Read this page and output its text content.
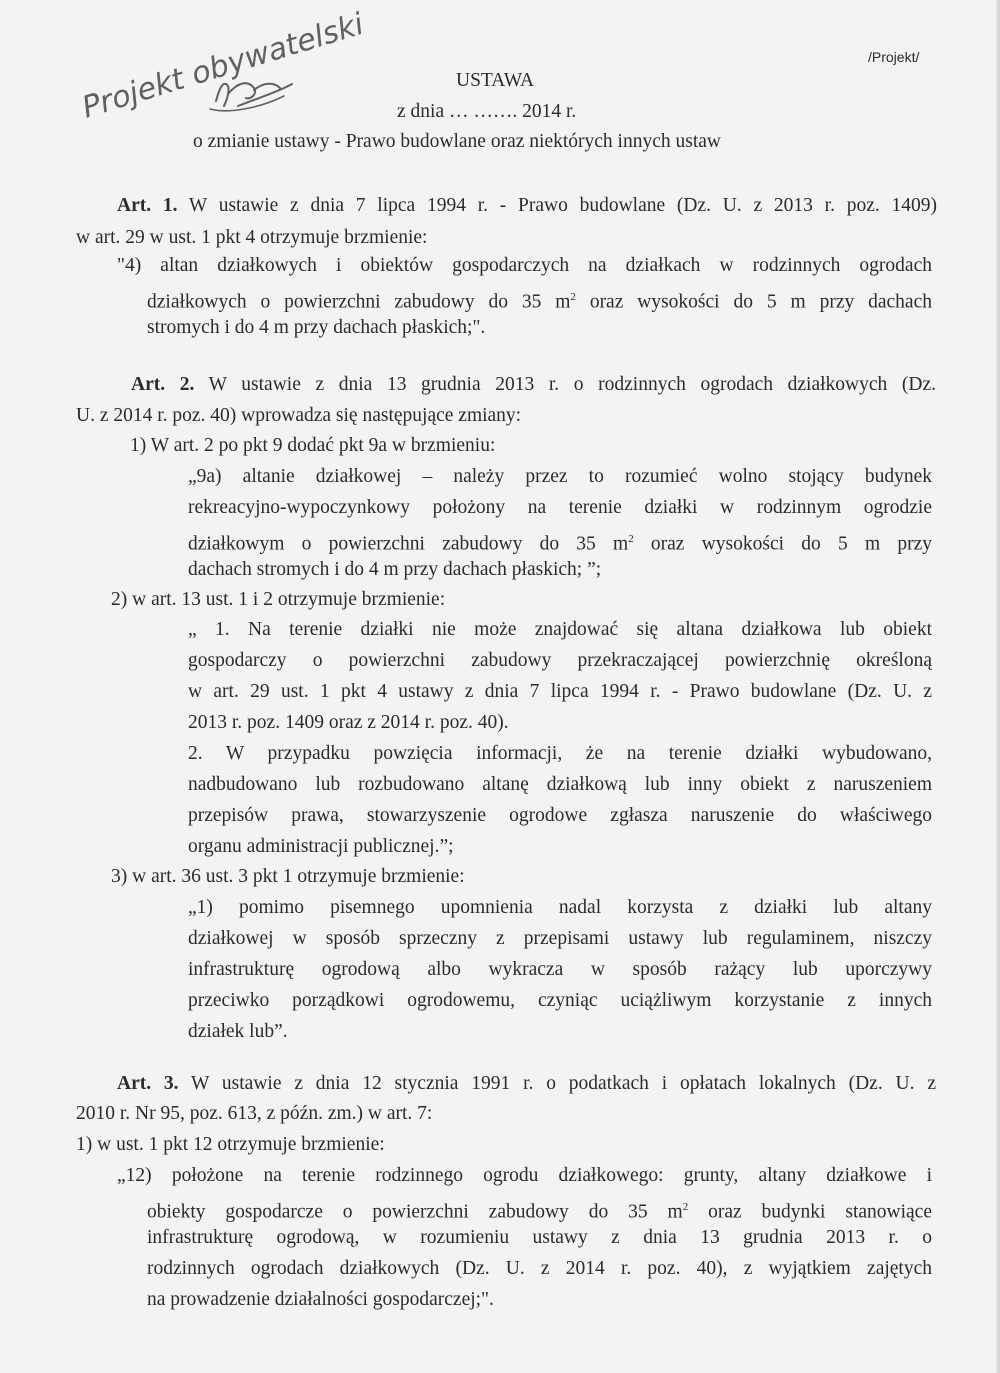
Projekt obywatelski	/Projekt/
USTAWA
z dnia … ……. 2014 r.
o zmianie ustawy - Prawo budowlane oraz niektórych innych ustaw
Art. 1. W ustawie z dnia 7 lipca 1994 r. - Prawo budowlane (Dz. U. z 2013 r. poz. 1409)
w art. 29 w ust. 1 pkt 4 otrzymuje brzmienie:
"4) altan działkowych i obiektów gospodarczych na działkach w rodzinnych ogrodach
działkowych o powierzchni zabudowy do 35 $m^2$ oraz wysokości do 5 m przy dachach
stromych i do 4 m przy dachach płaskich;".
Art. 2. W ustawie z dnia 13 grudnia 2013 r. o rodzinnych ogrodach działkowych (Dz.
U. z 2014 r. poz. 40) wprowadza się następujące zmiany:
1) W art. 2 po pkt 9 dodać pkt 9a w brzmieniu:
„9a) altanie działkowej – należy przez to rozumieć wolno stojący budynek
rekreacyjno-wypoczynkowy położony na terenie działki w rodzinnym ogrodzie
działkowym o powierzchni zabudowy do 35 $m^2$ oraz wysokości do 5 m przy
dachach stromych i do 4 m przy dachach płaskich; ”;
2) w art. 13 ust. 1 i 2 otrzymuje brzmienie:
„ 1. Na terenie działki nie może znajdować się altana działkowa lub obiekt
gospodarczy o powierzchni zabudowy przekraczającej powierzchnię określoną
w art. 29 ust. 1 pkt 4 ustawy z dnia 7 lipca 1994 r. - Prawo budowlane (Dz. U. z
2013 r. poz. 1409 oraz z 2014 r. poz. 40).
2. W przypadku powzięcia informacji, że na terenie działki wybudowano,
nadbudowano lub rozbudowano altanę działkową lub inny obiekt z naruszeniem
przepisów prawa, stowarzyszenie ogrodowe zgłasza naruszenie do właściwego
organu administracji publicznej.”;
3) w art. 36 ust. 3 pkt 1 otrzymuje brzmienie:
„1) pomimo pisemnego upomnienia nadal korzysta z działki lub altany
działkowej w sposób sprzeczny z przepisami ustawy lub regulaminem, niszczy
infrastrukturę ogrodową albo wykracza w sposób rażący lub uporczywy
przeciwko porządkowi ogrodowemu, czyniąc uciążliwym korzystanie z innych
działek lub”.
Art. 3. W ustawie z dnia 12 stycznia 1991 r. o podatkach i opłatach lokalnych (Dz. U. z
2010 r. Nr 95, poz. 613, z późn. zm.) w art. 7:
1) w ust. 1 pkt 12 otrzymuje brzmienie:
„12) położone na terenie rodzinnego ogrodu działkowego: grunty, altany działkowe i
obiekty gospodarcze o powierzchni zabudowy do 35 $m^2$ oraz budynki stanowiące
infrastrukturę ogrodową, w rozumieniu ustawy z dnia 13 grudnia 2013 r. o
rodzinnych ogrodach działkowych (Dz. U. z 2014 r. poz. 40), z wyjątkiem zajętych
na prowadzenie działalności gospodarczej;".
